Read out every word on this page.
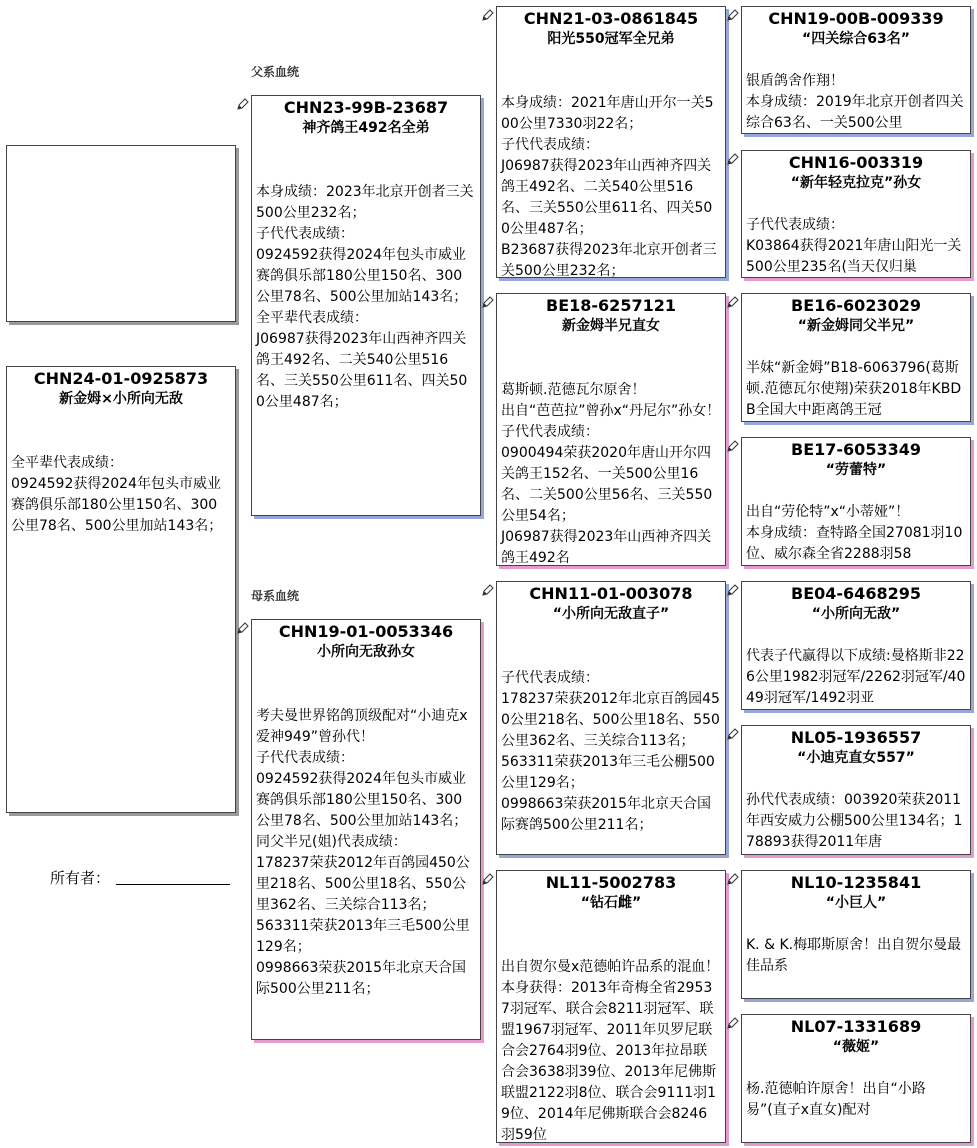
CHN24-01-0925873
新金姆×小所向无敌
全平辈代表成绩：
0924592获得2024年包头市威业赛鸽俱乐部180公里150名、300公里78名、500公里加站143名；
所有者：
父系血统
母系血统
CHN23-99B-23687
神齐鸽王492名全弟
本身成绩：2023年北京开创者三关500公里232名；
子代代表成绩：
0924592获得2024年包头市威业赛鸽俱乐部180公里150名、300公里78名、500公里加站143名；
全平辈代表成绩：
J06987获得2023年山西神齐四关鸽王492名、二关540公里516名、三关550公里611名、四关500公里487名；
CHN19-01-0053346
小所向无敌孙女
考夫曼世界铭鸽顶级配对“小迪克x爱神949”曾孙代！
子代代表成绩：
0924592获得2024年包头市威业赛鸽俱乐部180公里150名、300公里78名、500公里加站143名；
同父半兄(姐)代表成绩：
178237荣获2012年百鸽园450公里218名、500公里18名、550公里362名、三关综合113名；
563311荣获2013年三毛500公里129名；
0998663荣获2015年北京天合国际500公里211名；
CHN21-03-0861845
阳光550冠军全兄弟
本身成绩：2021年唐山开尔一关500公里7330羽22名；
子代代表成绩：
J06987获得2023年山西神齐四关鸽王492名、二关540公里516名、三关550公里611名、四关500公里487名；
B23687获得2023年北京开创者三关500公里232名；
BE18-6257121
新金姆半兄直女
葛斯顿.范德瓦尔原舍！
出自“芭芭拉”曾孙x“丹尼尔”孙女！
子代代表成绩：
0900494荣获2020年唐山开尔四关鸽王152名、一关500公里16名、二关500公里56名、三关550公里54名；
J06987获得2023年山西神齐四关鸽王492名
CHN11-01-003078
“小所向无敌直子”
子代代表成绩：
178237荣获2012年北京百鸽园450公里218名、500公里18名、550公里362名、三关综合113名；
563311荣获2013年三毛公棚500公里129名；
0998663荣获2015年北京天合国际赛鸽500公里211名；
NL11-5002783
“钻石雌”
出自贺尔曼x范德帕许品系的混血！本身获得：2013年奇梅全省29537羽冠军、联合会8211羽冠军、联盟1967羽冠军、2011年贝罗尼联合会2764羽9位、2013年拉昂联合会3638羽39位、2013年尼佛斯联盟2122羽8位、联合会9111羽19位、2014年尼佛斯联合会8246羽59位
CHN19-00B-009339
“四关综合63名”
银盾鸽舍作翔！
本身成绩：2019年北京开创者四关综合63名、一关500公里
CHN16-003319
“新年轻克拉克”孙女
子代代表成绩：
K03864获得2021年唐山阳光一关500公里235名(当天仅归巢
BE16-6023029
“新金姆同父半兄”
半妹“新金姆”B18-6063796(葛斯顿.范德瓦尔使翔)荣获2018年KBDB全国大中距离鸽王冠
BE17-6053349
“劳蕾特”
出自“劳伦特”x“小蒂娅”！
本身成绩：查特路全国27081羽10位、威尔森全省2288羽58
BE04-6468295
“小所向无敌”
代表子代赢得以下成绩:曼格斯非226公里1982羽冠军/2262羽冠军/4049羽冠军/1492羽亚
NL05-1936557
“小迪克直女557”
孙代代表成绩：003920荣获2011年西安威力公棚500公里134名；178893获得2011年唐
NL10-1235841
“小巨人”
K. & K.梅耶斯原舍！出自贺尔曼最佳品系
NL07-1331689
“薇姬”
杨.范德帕许原舍！出自“小路易”(直子x直女)配对
